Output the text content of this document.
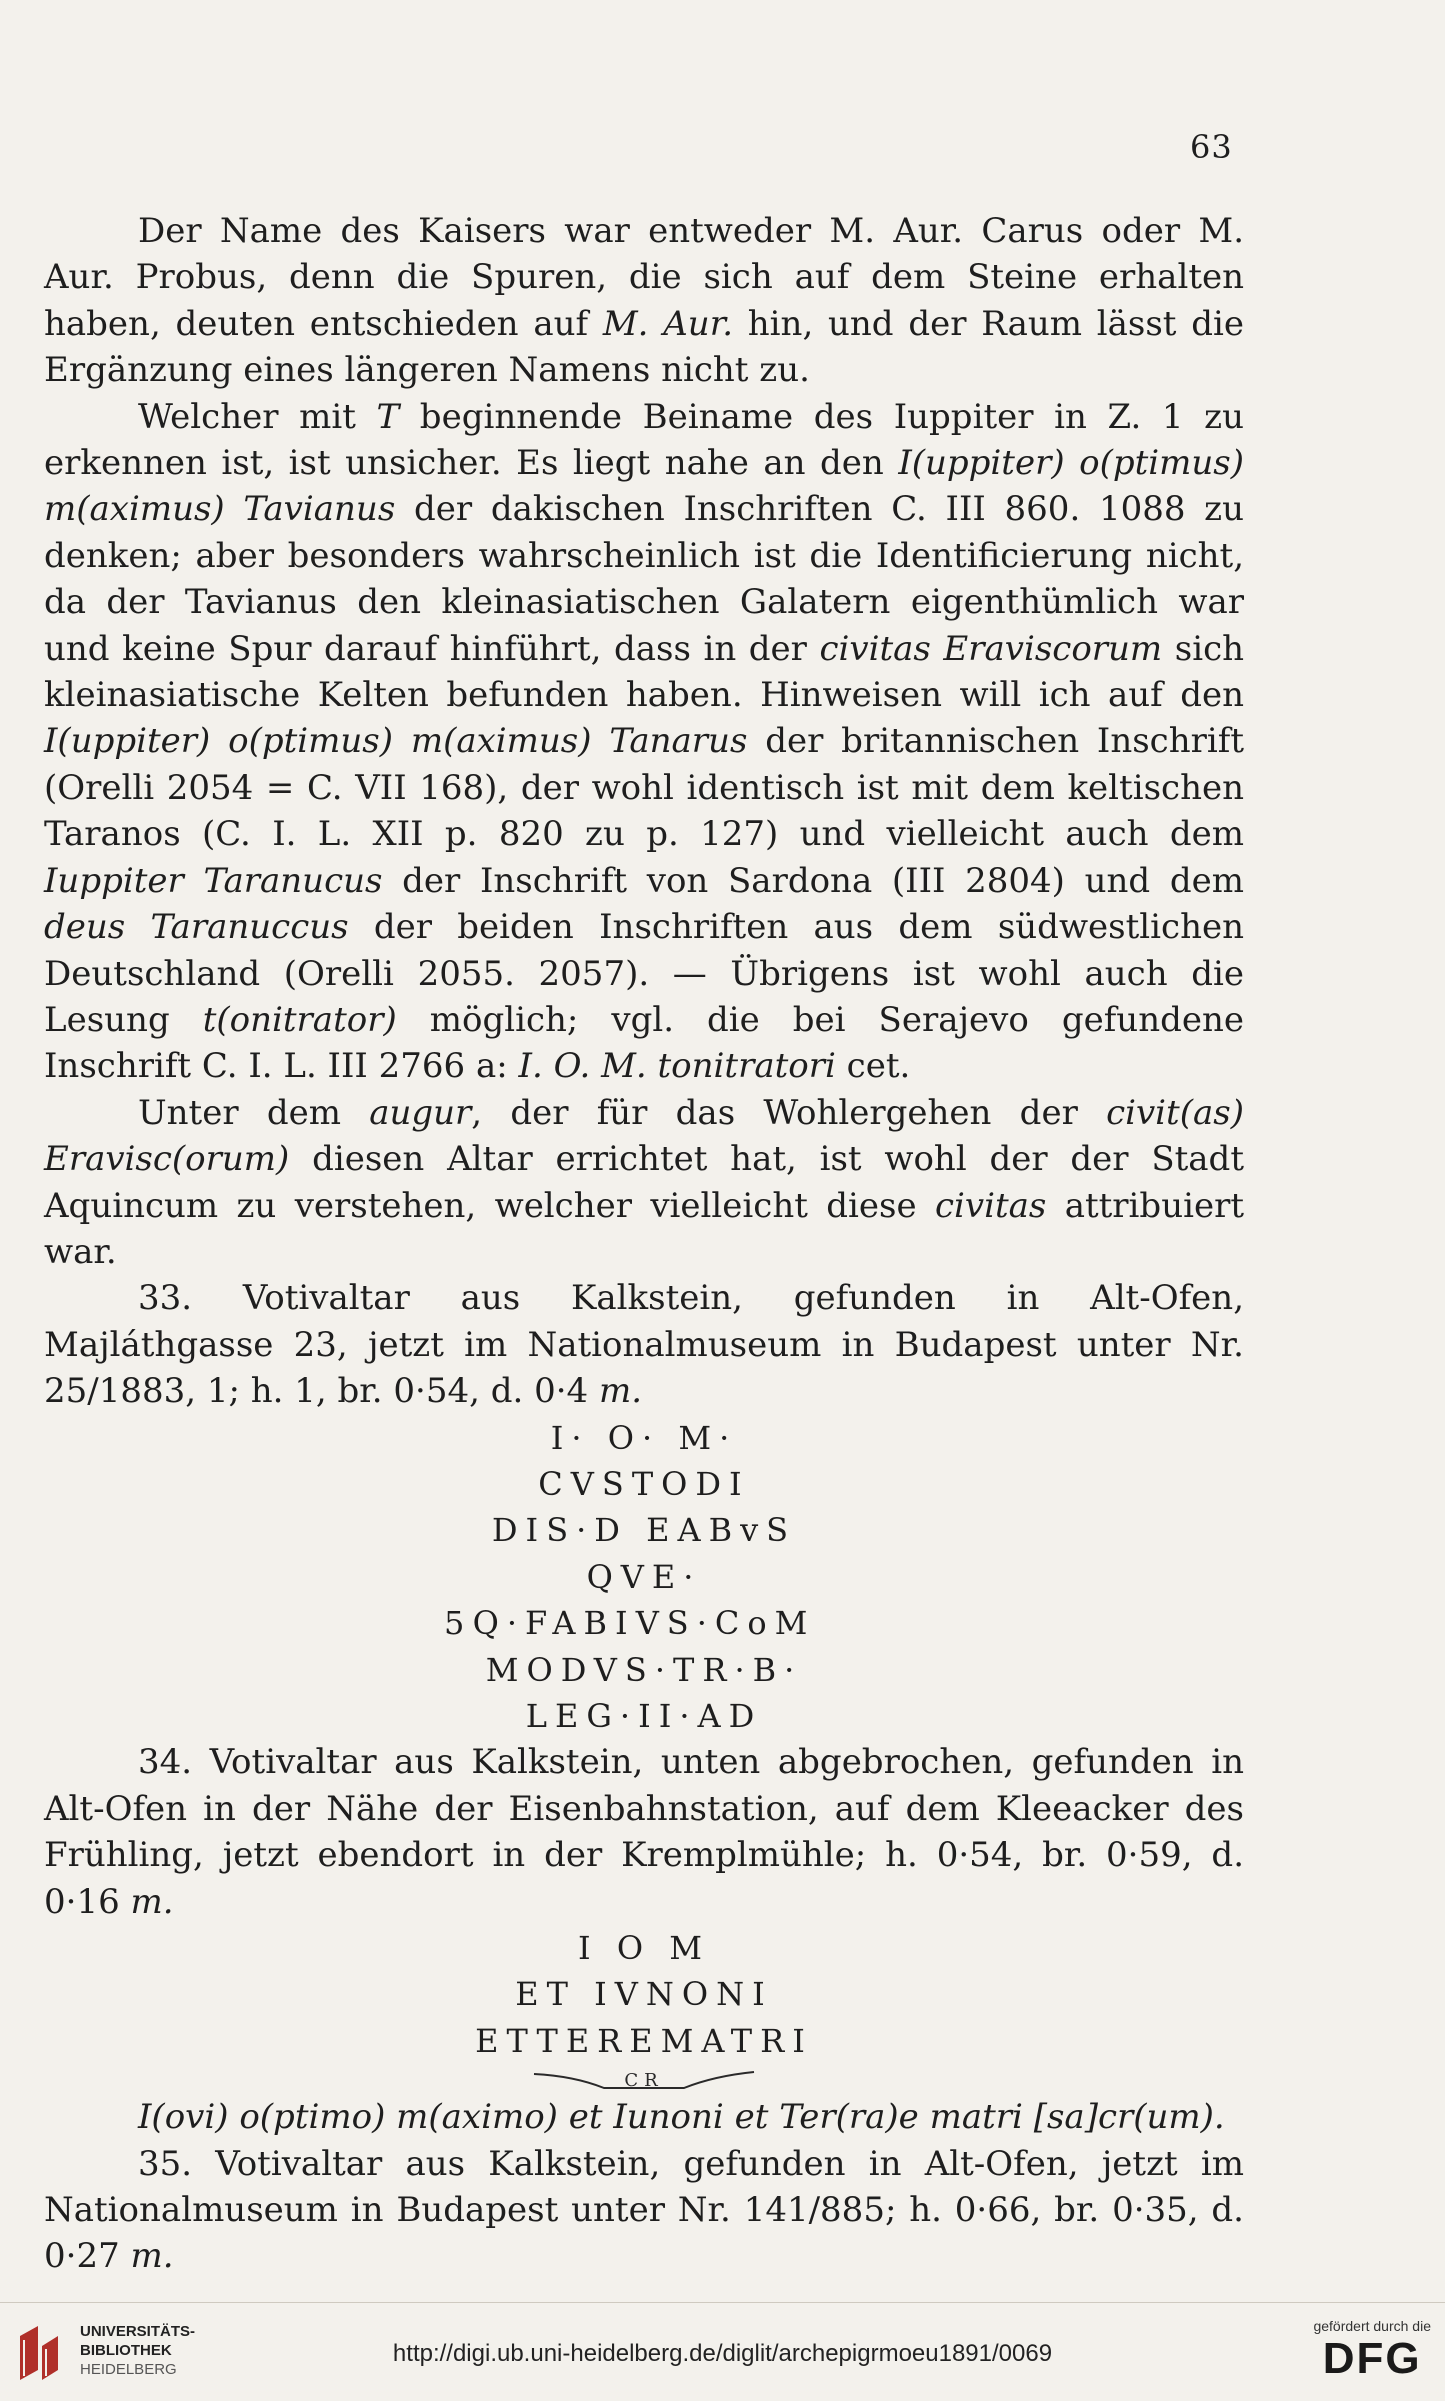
63

Der Name des Kaisers war entweder M. Aur. Carus oder M. Aur. Probus, denn die Spuren, die sich auf dem Steine erhalten haben, deuten entschieden auf M. Aur. hin, und der Raum lässt die Ergänzung eines längeren Namens nicht zu.

Welcher mit T beginnende Beiname des Iuppiter in Z. 1 zu erkennen ist, ist unsicher. Es liegt nahe an den I(uppiter) o(ptimus) m(aximus) Tavianus der dakischen Inschriften C. III 860. 1088 zu denken; aber besonders wahrscheinlich ist die Identificierung nicht, da der Tavianus den kleinasiatischen Galatern eigenthümlich war und keine Spur darauf hinführt, dass in der civitas Eraviscorum sich kleinasiatische Kelten befunden haben. Hinweisen will ich auf den I(uppiter) o(ptimus) m(aximus) Tanarus der britannischen Inschrift (Orelli 2054 = C. VII 168), der wohl identisch ist mit dem keltischen Taranos (C. I. L. XII p. 820 zu p. 127) und vielleicht auch dem Iuppiter Taranucus der Inschrift von Sardona (III 2804) und dem deus Taranuccus der beiden Inschriften aus dem südwestlichen Deutschland (Orelli 2055. 2057). — Übrigens ist wohl auch die Lesung t(onitrator) möglich; vgl. die bei Serajevo gefundene Inschrift C. I. L. III 2766 a: I. O. M. tonitratori cet.

Unter dem augur, der für das Wohlergehen der civit(as) Eravisc(orum) diesen Altar errichtet hat, ist wohl der der Stadt Aquincum zu verstehen, welcher vielleicht diese civitas attribuiert war.

33. Votivaltar aus Kalkstein, gefunden in Alt-Ofen, Majláthgasse 23, jetzt im Nationalmuseum in Budapest unter Nr. 25/1883, 1; h. 1, br. 0·54, d. 0·4 m.

I· O· M·
CVSTODI
DIS·D EABvS
QVE·
5 Q·FABIVS·CoM
MODVS·TR·B·
LEG·II·AD

34. Votivaltar aus Kalkstein, unten abgebrochen, gefunden in Alt-Ofen in der Nähe der Eisenbahnstation, auf dem Kleeacker des Frühling, jetzt ebendort in der Kremplmühle; h. 0·54, br. 0·59, d. 0·16 m.

I O M
ET IVNONI
ETTEREMATRI
CR

I(ovi) o(ptimo) m(aximo) et Iunoni et Ter(ra)e matri [sa]cr(um).

35. Votivaltar aus Kalkstein, gefunden in Alt-Ofen, jetzt im Nationalmuseum in Budapest unter Nr. 141/885; h. 0·66, br. 0·35, d. 0·27 m.

UNIVERSITÄTS-
BIBLIOTHEK
HEIDELBERG
http://digi.ub.uni-heidelberg.de/diglit/archepigrmoeu1891/0069
gefördert durch die
DFG
